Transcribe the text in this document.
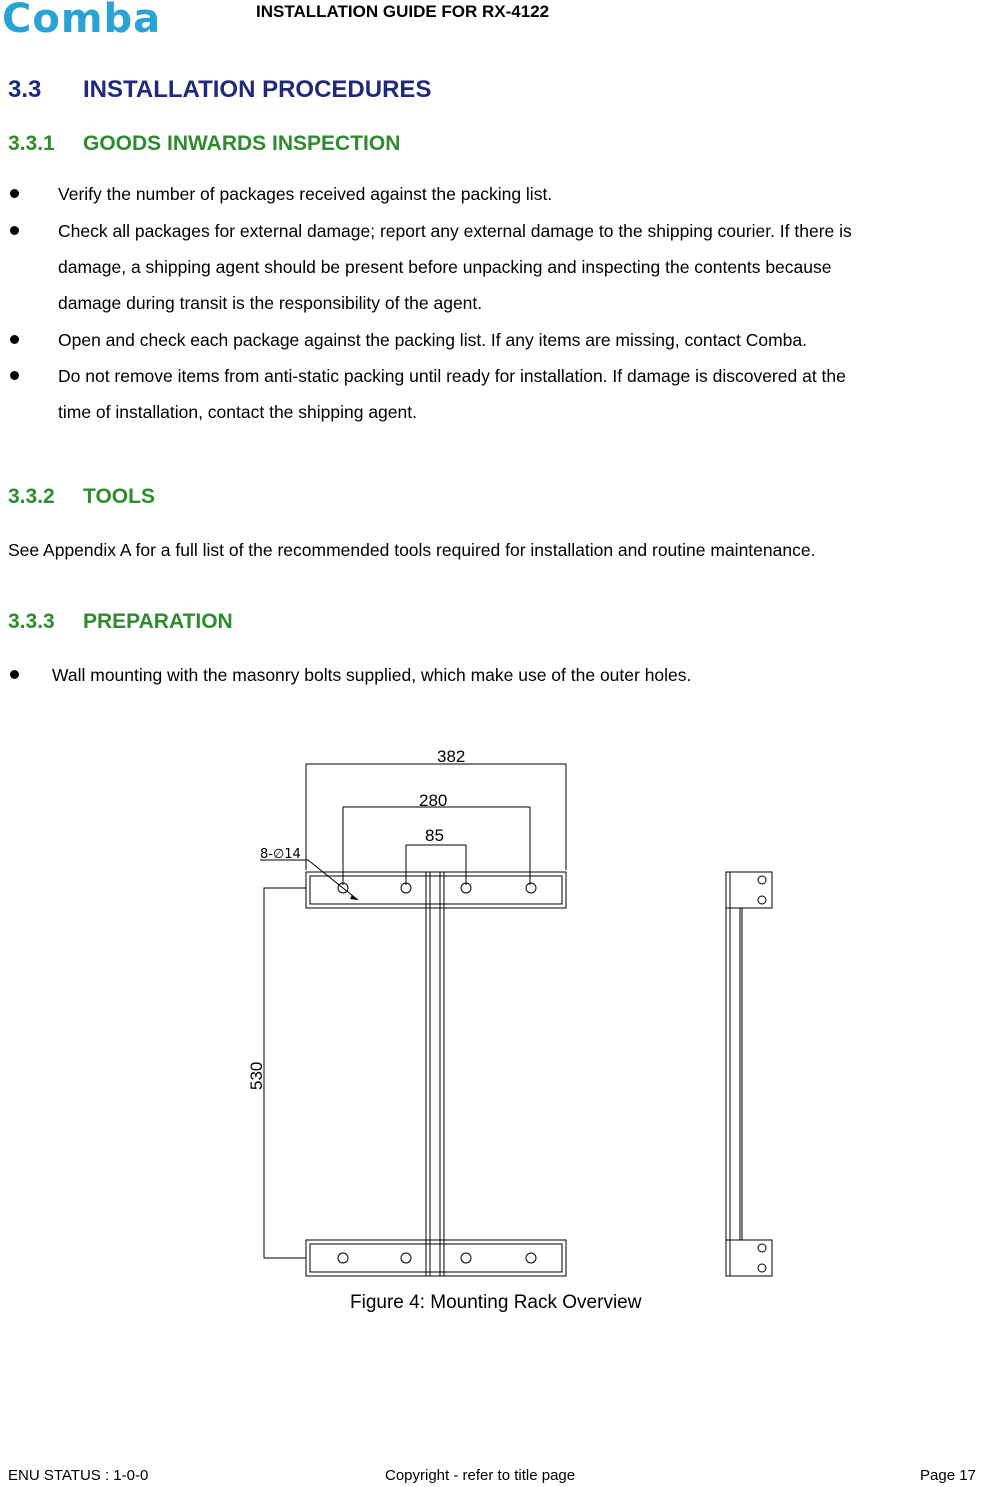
Comba	INSTALLATION GUIDE FOR RX-4122
3.3 INSTALLATION PROCEDURES
3.3.1 GOODS INWARDS INSPECTION
Verify the number of packages received against the packing list.
Check all packages for external damage; report any external damage to the shipping courier. If there is
damage, a shipping agent should be present before unpacking and inspecting the contents because
damage during transit is the responsibility of the agent.
Open and check each package against the packing list. If any items are missing, contact Comba.
Do not remove items from anti-static packing until ready for installation. If damage is discovered at the
time of installation, contact the shipping agent.
3.3.2 TOOLS
See Appendix A for a full list of the recommended tools required for installation and routine maintenance.
3.3.3 PREPARATION
Wall mounting with the masonry bolts supplied, which make use of the outer holes.
382
280
85
8-∅14
530
Figure 4: Mounting Rack Overview
ENU STATUS : 1-0-0	Copyright - refer to title page	Page 17
